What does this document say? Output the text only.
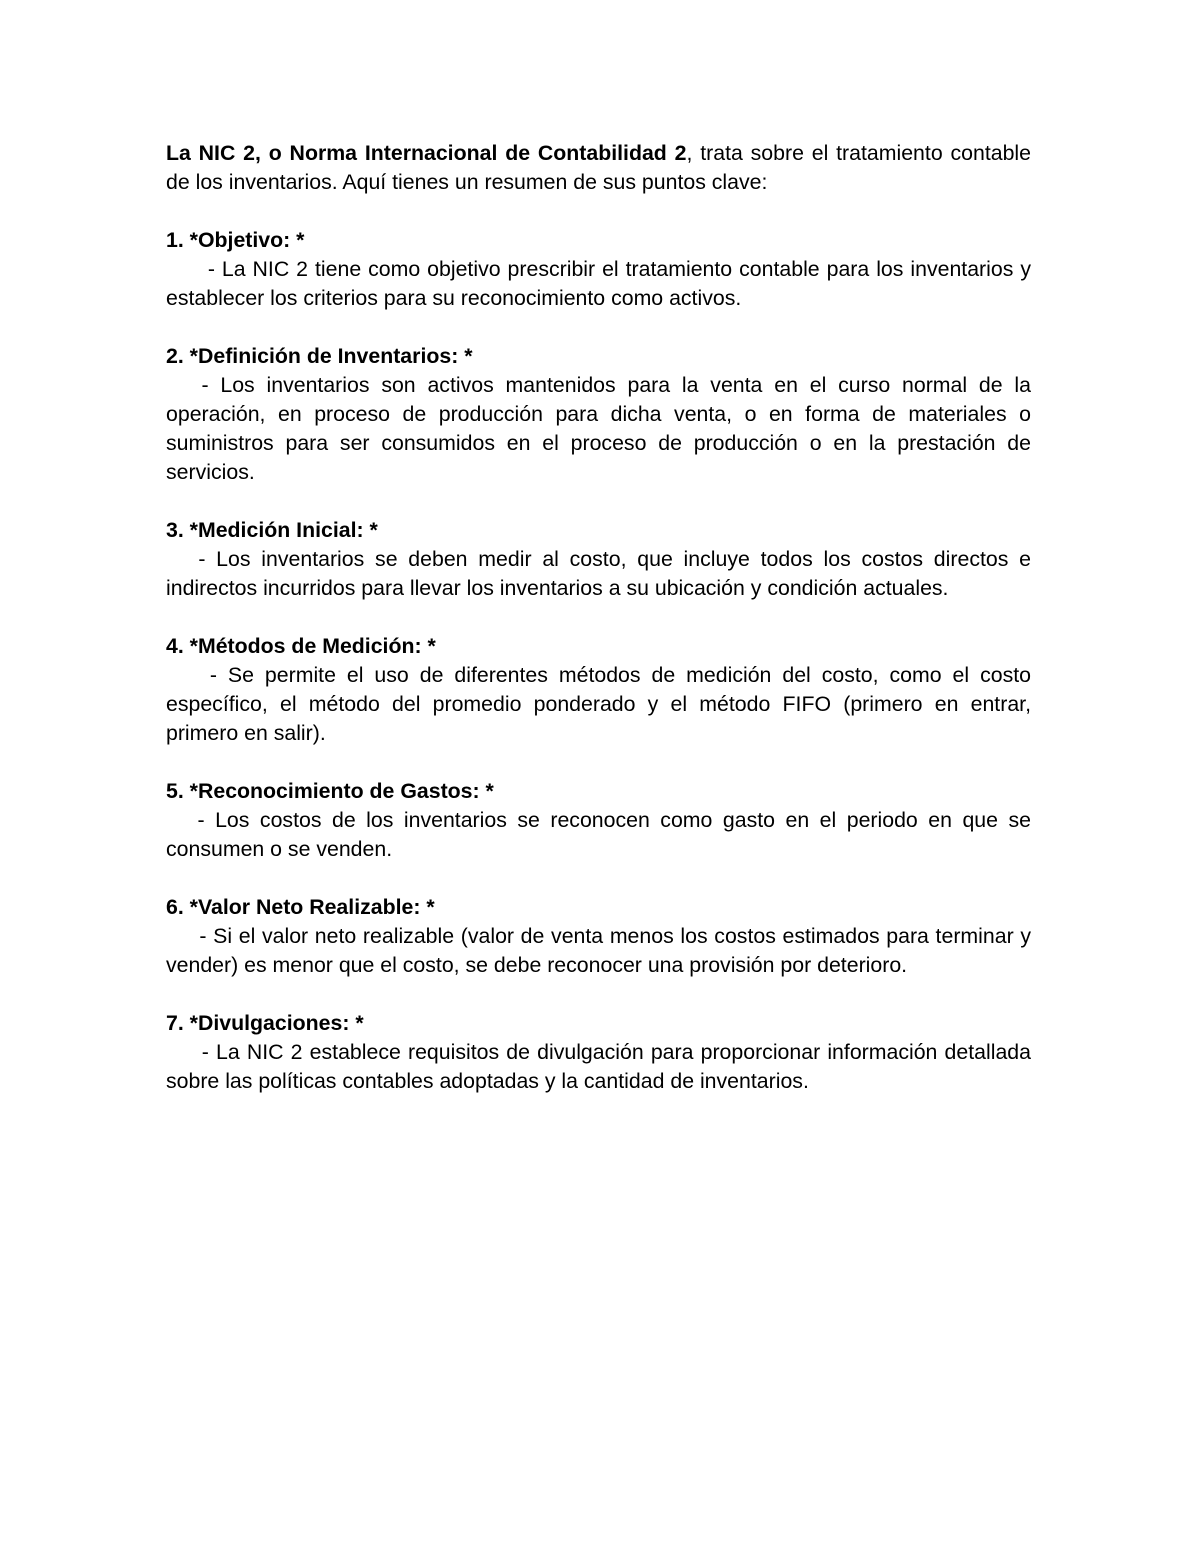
La NIC 2, o Norma Internacional de Contabilidad 2, trata sobre el tratamiento contable de los inventarios. Aquí tienes un resumen de sus puntos clave:

1. *Objetivo: *

- La NIC 2 tiene como objetivo prescribir el tratamiento contable para los inventarios y establecer los criterios para su reconocimiento como activos.

2. *Definición de Inventarios: *

- Los inventarios son activos mantenidos para la venta en el curso normal de la operación, en proceso de producción para dicha venta, o en forma de materiales o suministros para ser consumidos en el proceso de producción o en la prestación de servicios.

3. *Medición Inicial: *

- Los inventarios se deben medir al costo, que incluye todos los costos directos e indirectos incurridos para llevar los inventarios a su ubicación y condición actuales.

4. *Métodos de Medición: *

- Se permite el uso de diferentes métodos de medición del costo, como el costo específico, el método del promedio ponderado y el método FIFO (primero en entrar, primero en salir).

5. *Reconocimiento de Gastos: *

- Los costos de los inventarios se reconocen como gasto en el periodo en que se consumen o se venden.

6. *Valor Neto Realizable: *

- Si el valor neto realizable (valor de venta menos los costos estimados para terminar y vender) es menor que el costo, se debe reconocer una provisión por deterioro.

7. *Divulgaciones: *

- La NIC 2 establece requisitos de divulgación para proporcionar información detallada sobre las políticas contables adoptadas y la cantidad de inventarios.
